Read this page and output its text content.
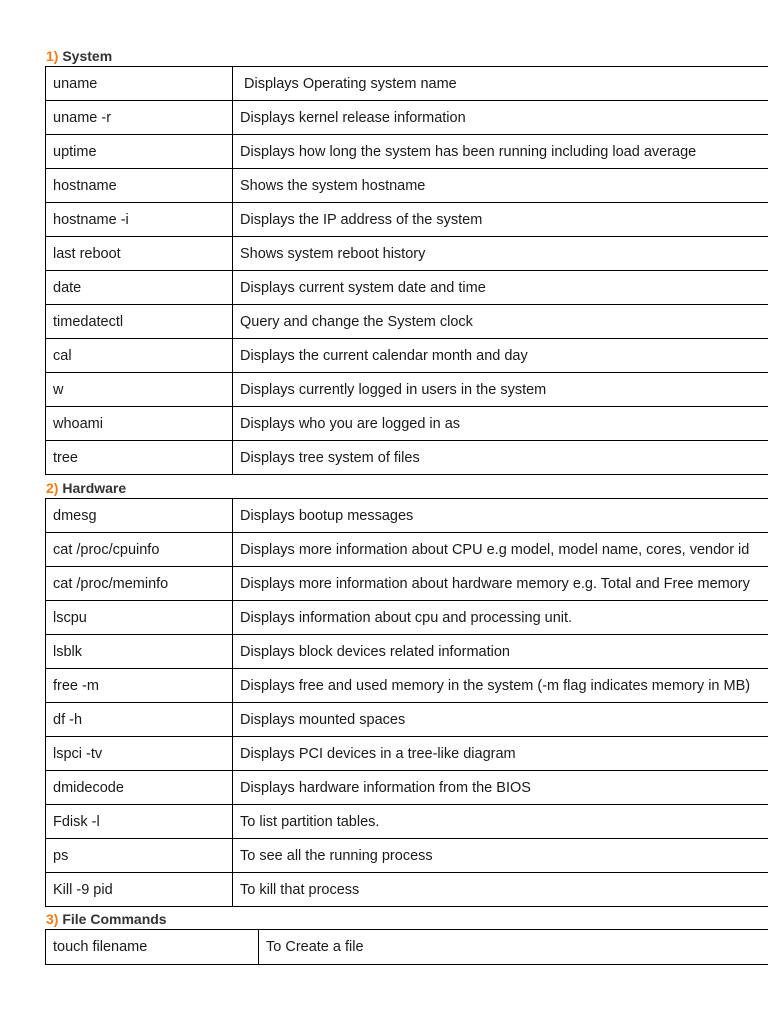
1) System
uname	Displays Operating system name
uname -r	Displays kernel release information
uptime	Displays how long the system has been running including load average
hostname	Shows the system hostname
hostname -i	Displays the IP address of the system
last reboot	Shows system reboot history
date	Displays current system date and time
timedatectl	Query and change the System clock
cal	Displays the current calendar month and day
w	Displays currently logged in users in the system
whoami	Displays who you are logged in as
tree	Displays tree system of files
2) Hardware
dmesg	Displays bootup messages
cat /proc/cpuinfo	Displays more information about CPU e.g model, model name, cores, vendor id
cat /proc/meminfo	Displays more information about hardware memory e.g. Total and Free memory
lscpu	Displays information about cpu and processing unit.
lsblk	Displays block devices related information
free -m	Displays free and used memory in the system (-m flag indicates memory in MB)
df -h	Displays mounted spaces
lspci -tv	Displays PCI devices in a tree-like diagram
dmidecode	Displays hardware information from the BIOS
Fdisk -l	To list partition tables.
ps	To see all the running process
Kill -9 pid	To kill that process
3) File Commands
touch filename	To Create a file
